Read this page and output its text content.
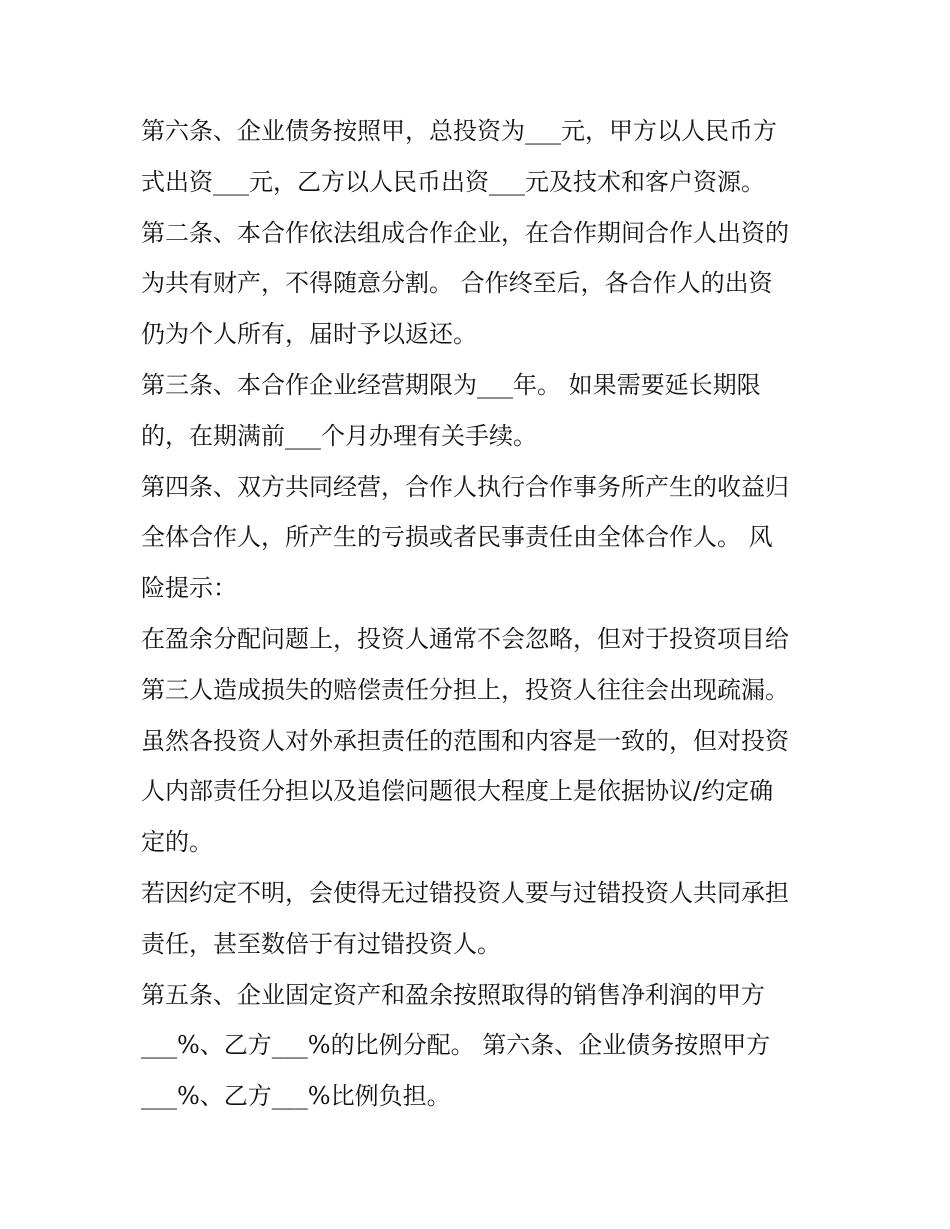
第六条、企业债务按照甲，总投资为___元，甲方以人民币方
式出资___元，乙方以人民币出资___元及技术和客户资源。
第二条、本合作依法组成合作企业，在合作期间合作人出资的
为共有财产，不得随意分割。 合作终至后，各合作人的出资
仍为个人所有，届时予以返还。
第三条、本合作企业经营期限为___年。 如果需要延长期限
的，在期满前___个月办理有关手续。
第四条、双方共同经营，合作人执行合作事务所产生的收益归
全体合作人，所产生的亏损或者民事责任由全体合作人。 风
险提示：
在盈余分配问题上，投资人通常不会忽略，但对于投资项目给
第三人造成损失的赔偿责任分担上，投资人往往会出现疏漏。
虽然各投资人对外承担责任的范围和内容是一致的，但对投资
人内部责任分担以及追偿问题很大程度上是依据协议/约定确
定的。
若因约定不明，会使得无过错投资人要与过错投资人共同承担
责任，甚至数倍于有过错投资人。
第五条、企业固定资产和盈余按照取得的销售净利润的甲方
___%、乙方___%的比例分配。 第六条、企业债务按照甲方
___%、乙方___%比例负担。
